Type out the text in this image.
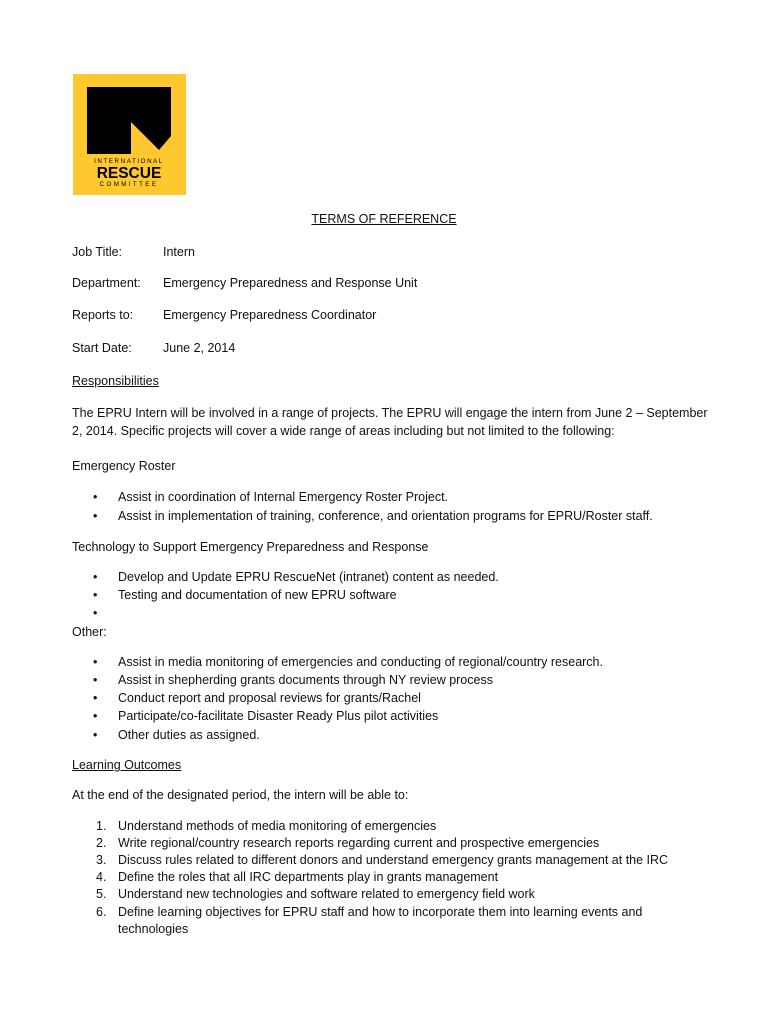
INTERNATIONAL
RESCUE
COMMITTEE
TERMS OF REFERENCE
Job Title:	Intern
Department: Emergency Preparedness and Response Unit
Reports to: Emergency Preparedness Coordinator
Start Date:	June 2, 2014
Responsibilities
The EPRU Intern will be involved in a range of projects. The EPRU will engage the intern from June 2 – September 2, 2014. Specific projects will cover a wide range of areas including but not limited to the following:
Emergency Roster
•	Assist in coordination of Internal Emergency Roster Project.
•	Assist in implementation of training, conference, and orientation programs for EPRU/Roster staff.
Technology to Support Emergency Preparedness and Response
•	Develop and Update EPRU RescueNet (intranet) content as needed.
•	Testing and documentation of new EPRU software
•
Other:
•	Assist in media monitoring of emergencies and conducting of regional/country research.
•	Assist in shepherding grants documents through NY review process
•	Conduct report and proposal reviews for grants/Rachel
•	Participate/co-facilitate Disaster Ready Plus pilot activities
•	Other duties as assigned.
Learning Outcomes
At the end of the designated period, the intern will be able to:
1. Understand methods of media monitoring of emergencies
2. Write regional/country research reports regarding current and prospective emergencies
3. Discuss rules related to different donors and understand emergency grants management at the IRC
4. Define the roles that all IRC departments play in grants management
5. Understand new technologies and software related to emergency field work
6. Define learning objectives for EPRU staff and how to incorporate them into learning events and technologies
